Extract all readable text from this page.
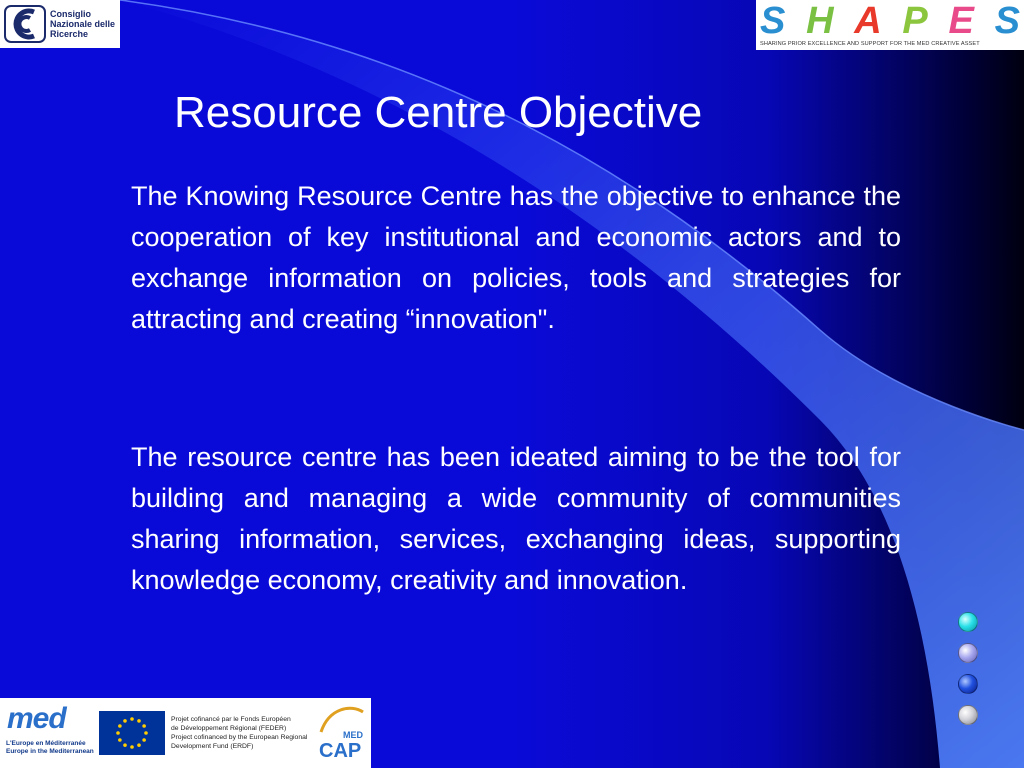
Consiglio
Nazionale delle
Ricerche	S H A P E S
SHARING PRIOR EXCELLENCE AND SUPPORT FOR THE MED CREATIVE ASSET
Resource Centre Objective

The Knowing Resource Centre has the objective to enhance the cooperation of key institutional and economic actors and to exchange information on policies, tools and strategies for attracting and creating “innovation".

The resource centre has been ideated aiming to be the tool for building and managing a wide community of communities sharing information, services, exchanging ideas, supporting knowledge economy, creativity and innovation.

med
L'Europe en Méditerranée
Europe in the Mediterranean
Projet cofinancé par le Fonds Européen
de Développement Régional (FEDER)
Project cofinanced by the European Regional
Development Fund (ERDF)
MED
CAP
